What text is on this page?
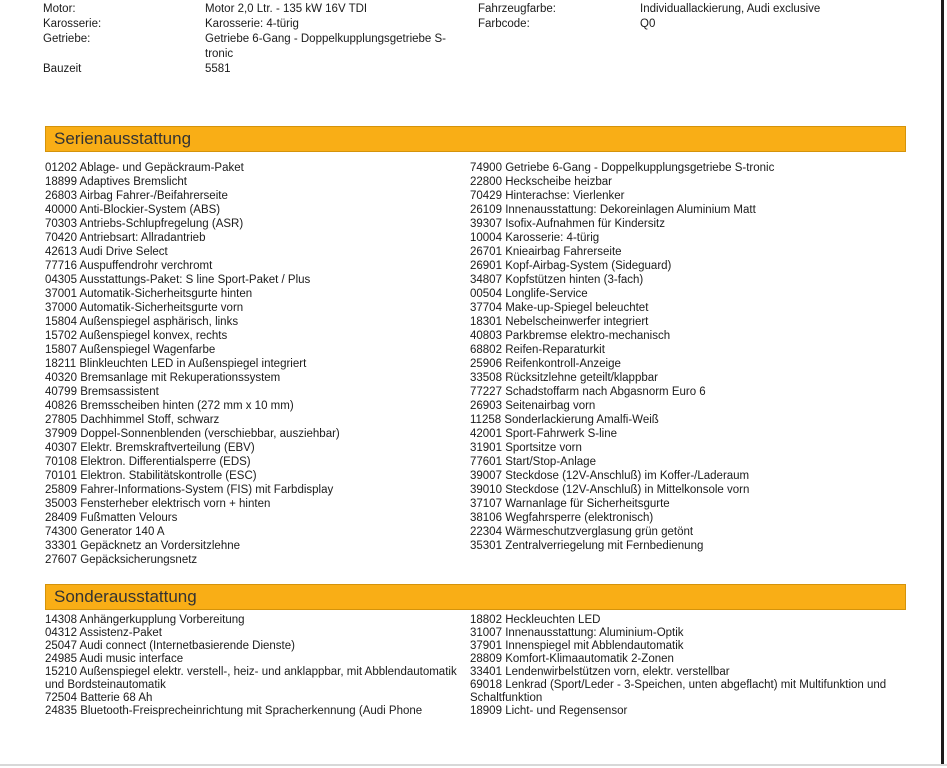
Motor:	Motor 2,0 Ltr. - 135 kW 16V TDI
Karosserie:	Karosserie: 4-türig
Getriebe:	Getriebe 6-Gang - Doppelkupplungsgetriebe S-tronic
Bauzeit	5581
Fahrzeugfarbe:	Individuallackierung, Audi exclusive
Farbcode:	Q0
Serienausstattung
01202 Ablage- und Gepäckraum-Paket
18899 Adaptives Bremslicht
26803 Airbag Fahrer-/Beifahrerseite
40000 Anti-Blockier-System (ABS)
70303 Antriebs-Schlupfregelung (ASR)
70420 Antriebsart: Allradantrieb
42613 Audi Drive Select
77716 Auspuffendrohr verchromt
04305 Ausstattungs-Paket: S line Sport-Paket / Plus
37001 Automatik-Sicherheitsgurte hinten
37000 Automatik-Sicherheitsgurte vorn
15804 Außenspiegel asphärisch, links
15702 Außenspiegel konvex, rechts
15807 Außenspiegel Wagenfarbe
18211 Blinkleuchten LED in Außenspiegel integriert
40320 Bremsanlage mit Rekuperationssystem
40799 Bremsassistent
40826 Bremsscheiben hinten (272 mm x 10 mm)
27805 Dachhimmel Stoff, schwarz
37909 Doppel-Sonnenblenden (verschiebbar, ausziehbar)
40307 Elektr. Bremskraftverteilung (EBV)
70108 Elektron. Differentialsperre (EDS)
70101 Elektron. Stabilitätskontrolle (ESC)
25809 Fahrer-Informations-System (FIS) mit Farbdisplay
35003 Fensterheber elektrisch vorn + hinten
28409 Fußmatten Velours
74300 Generator 140 A
33301 Gepäcknetz an Vordersitzlehne
27607 Gepäcksicherungsnetz
74900 Getriebe 6-Gang - Doppelkupplungsgetriebe S-tronic
22800 Heckscheibe heizbar
70429 Hinterachse: Vierlenker
26109 Innenausstattung: Dekoreinlagen Aluminium Matt
39307 Isofix-Aufnahmen für Kindersitz
10004 Karosserie: 4-türig
26701 Knieairbag Fahrerseite
26901 Kopf-Airbag-System (Sideguard)
34807 Kopfstützen hinten (3-fach)
00504 Longlife-Service
37704 Make-up-Spiegel beleuchtet
18301 Nebelscheinwerfer integriert
40803 Parkbremse elektro-mechanisch
68802 Reifen-Reparaturkit
25906 Reifenkontroll-Anzeige
33508 Rücksitzlehne geteilt/klappbar
77227 Schadstoffarm nach Abgasnorm Euro 6
26903 Seitenairbag vorn
11258 Sonderlackierung Amalfi-Weiß
42001 Sport-Fahrwerk S-line
31901 Sportsitze vorn
77601 Start/Stop-Anlage
39007 Steckdose (12V-Anschluß) im Koffer-/Laderaum
39010 Steckdose (12V-Anschluß) in Mittelkonsole vorn
37107 Warnanlage für Sicherheitsgurte
38106 Wegfahrsperre (elektronisch)
22304 Wärmeschutzverglasung grün getönt
35301 Zentralverriegelung mit Fernbedienung
Sonderausstattung
14308 Anhängerkupplung Vorbereitung
04312 Assistenz-Paket
25047 Audi connect (Internetbasierende Dienste)
24985 Audi music interface
15210 Außenspiegel elektr. verstell-, heiz- und anklappbar, mit Abblendautomatik und Bordsteinautomatik
72504 Batterie 68 Ah
24835 Bluetooth-Freisprecheinrichtung mit Spracherkennung (Audi Phone
18802 Heckleuchten LED
31007 Innenausstattung: Aluminium-Optik
37901 Innenspiegel mit Abblendautomatik
28809 Komfort-Klimaautomatik 2-Zonen
33401 Lendenwirbelstützen vorn, elektr. verstellbar
69018 Lenkrad (Sport/Leder - 3-Speichen, unten abgeflacht) mit Multifunktion und Schaltfunktion
18909 Licht- und Regensensor
